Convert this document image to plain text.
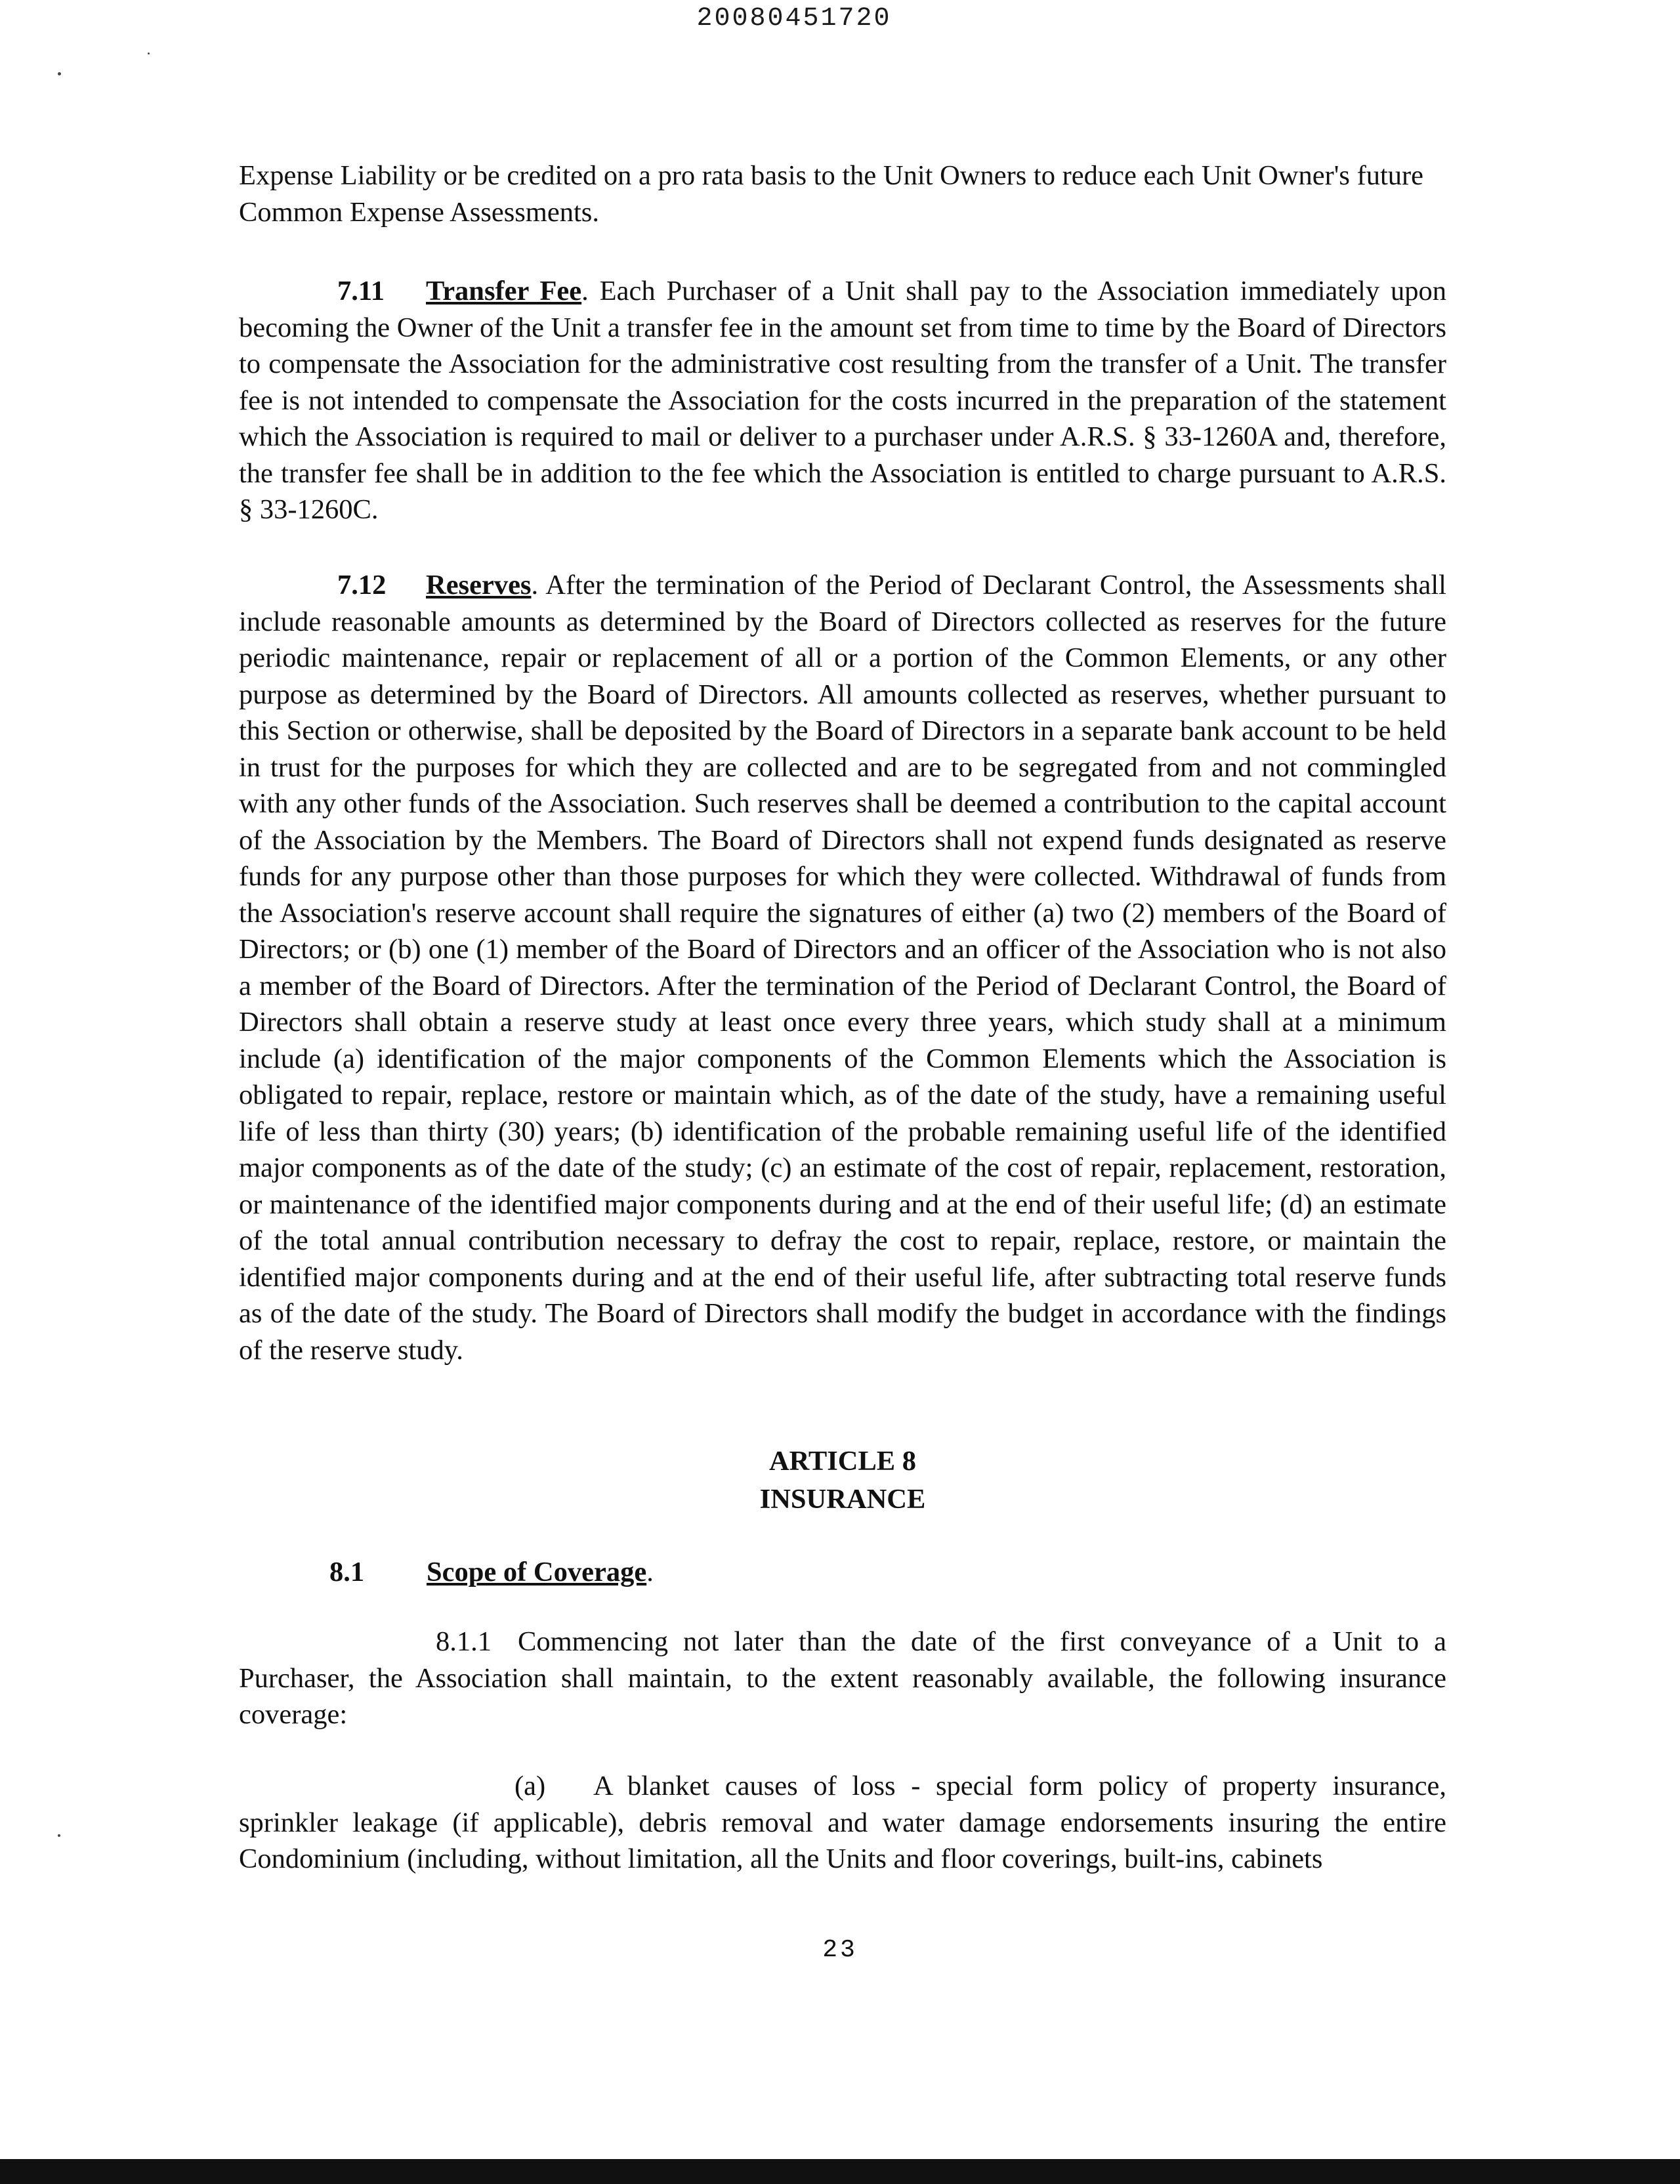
20080451720

Expense Liability or be credited on a pro rata basis to the Unit Owners to reduce each Unit Owner's future Common Expense Assessments.

7.11 Transfer Fee. Each Purchaser of a Unit shall pay to the Association immediately upon becoming the Owner of the Unit a transfer fee in the amount set from time to time by the Board of Directors to compensate the Association for the administrative cost resulting from the transfer of a Unit. The transfer fee is not intended to compensate the Association for the costs incurred in the preparation of the statement which the Association is required to mail or deliver to a purchaser under A.R.S. § 33-1260A and, therefore, the transfer fee shall be in addition to the fee which the Association is entitled to charge pursuant to A.R.S. § 33-1260C.

7.12 Reserves. After the termination of the Period of Declarant Control, the Assessments shall include reasonable amounts as determined by the Board of Directors collected as reserves for the future periodic maintenance, repair or replacement of all or a portion of the Common Elements, or any other purpose as determined by the Board of Directors. All amounts collected as reserves, whether pursuant to this Section or otherwise, shall be deposited by the Board of Directors in a separate bank account to be held in trust for the purposes for which they are collected and are to be segregated from and not commingled with any other funds of the Association. Such reserves shall be deemed a contribution to the capital account of the Association by the Members. The Board of Directors shall not expend funds designated as reserve funds for any purpose other than those purposes for which they were collected. Withdrawal of funds from the Association's reserve account shall require the signatures of either (a) two (2) members of the Board of Directors; or (b) one (1) member of the Board of Directors and an officer of the Association who is not also a member of the Board of Directors. After the termination of the Period of Declarant Control, the Board of Directors shall obtain a reserve study at least once every three years, which study shall at a minimum include (a) identification of the major components of the Common Elements which the Association is obligated to repair, replace, restore or maintain which, as of the date of the study, have a remaining useful life of less than thirty (30) years; (b) identification of the probable remaining useful life of the identified major components as of the date of the study; (c) an estimate of the cost of repair, replacement, restoration, or maintenance of the identified major components during and at the end of their useful life; (d) an estimate of the total annual contribution necessary to defray the cost to repair, replace, restore, or maintain the identified major components during and at the end of their useful life, after subtracting total reserve funds as of the date of the study. The Board of Directors shall modify the budget in accordance with the findings of the reserve study.

ARTICLE 8
INSURANCE
8.1 Scope of Coverage.

8.1.1 Commencing not later than the date of the first conveyance of a Unit to a Purchaser, the Association shall maintain, to the extent reasonably available, the following insurance coverage:

(a) A blanket causes of loss - special form policy of property insurance, sprinkler leakage (if applicable), debris removal and water damage endorsements insuring the entire Condominium (including, without limitation, all the Units and floor coverings, built-ins, cabinets

23
